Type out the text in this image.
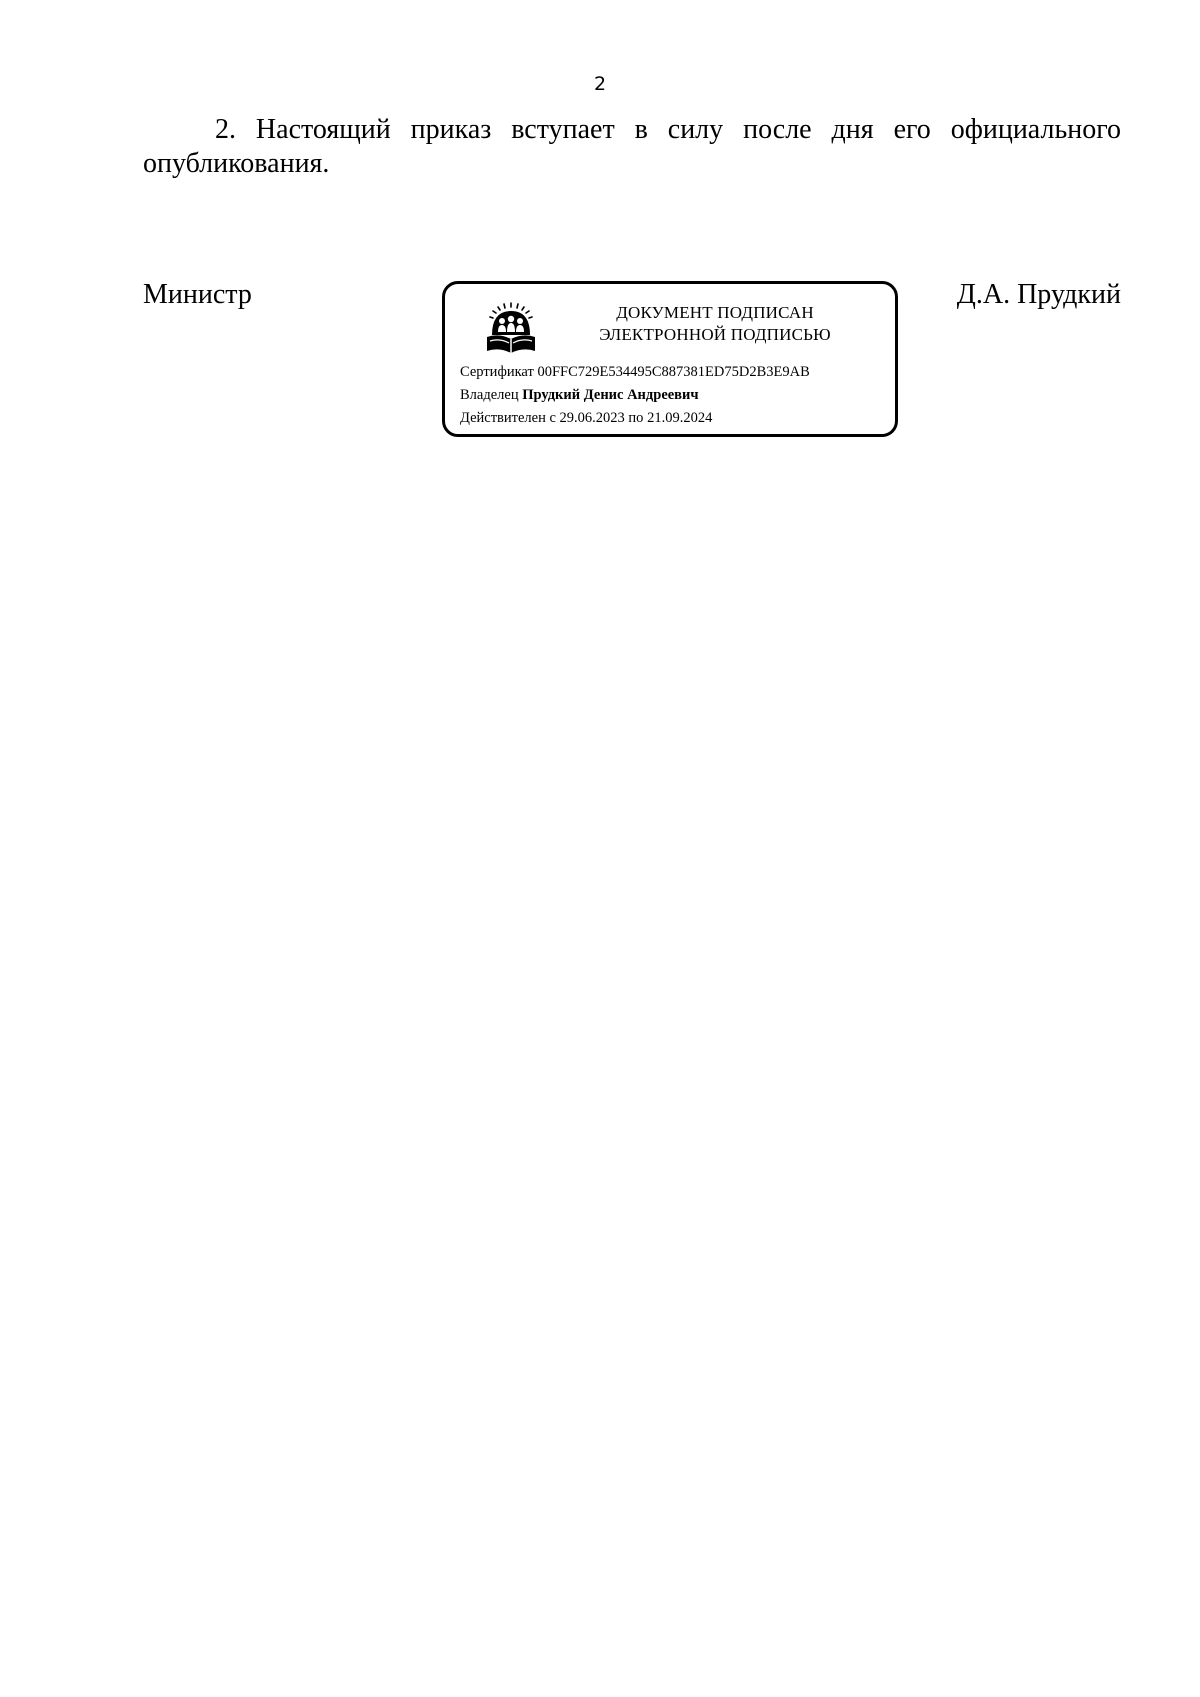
2

2. Настоящий приказ вступает в силу после дня его официального опубликования.

Министр
ДОКУМЕНТ ПОДПИСАН
ЭЛЕКТРОННОЙ ПОДПИСЬЮ
Сертификат 00FFC729E534495C887381ED75D2B3E9AB
Владелец Прудкий Денис Андреевич
Действителен с 29.06.2023 по 21.09.2024
Д.А. Прудкий
